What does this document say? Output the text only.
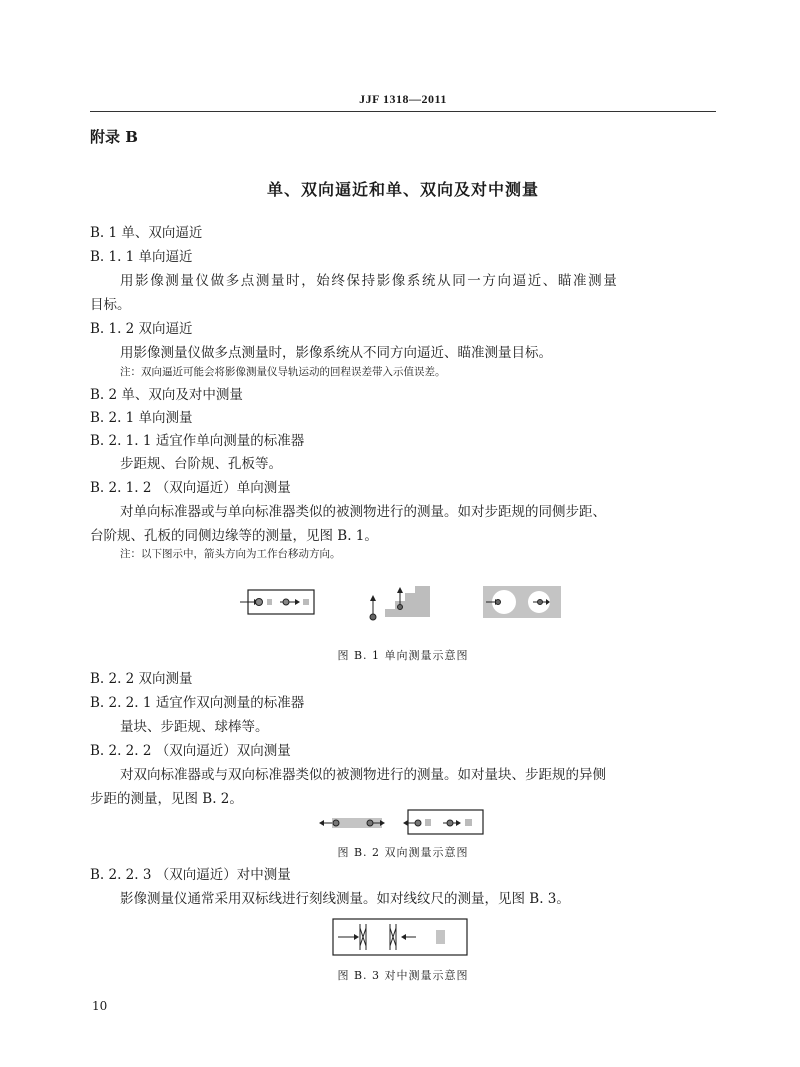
JJF 1318—2011
附录 B
单、双向逼近和单、双向及对中测量
B. 1 单、双向逼近
B. 1. 1 单向逼近
用影像测量仪做多点测量时，始终保持影像系统从同一方向逼近、瞄准测量
目标。
B. 1. 2 双向逼近
用影像测量仪做多点测量时，影像系统从不同方向逼近、瞄准测量目标。
注：双向逼近可能会将影像测量仪导轨运动的回程误差带入示值误差。
B. 2 单、双向及对中测量
B. 2. 1 单向测量
B. 2. 1. 1 适宜作单向测量的标准器
步距规、台阶规、孔板等。
B. 2. 1. 2 （双向逼近）单向测量
对单向标准器或与单向标准器类似的被测物进行的测量。如对步距规的同侧步距、
台阶规、孔板的同侧边缘等的测量，见图 B. 1。
注：以下图示中，箭头方向为工作台移动方向。
图 B. 1 单向测量示意图
B. 2. 2 双向测量
B. 2. 2. 1 适宜作双向测量的标准器
量块、步距规、球棒等。
B. 2. 2. 2 （双向逼近）双向测量
对双向标准器或与双向标准器类似的被测物进行的测量。如对量块、步距规的异侧
步距的测量，见图 B. 2。
图 B. 2 双向测量示意图
B. 2. 2. 3 （双向逼近）对中测量
影像测量仪通常采用双标线进行刻线测量。如对线纹尺的测量，见图 B. 3。
图 B. 3 对中测量示意图
10
